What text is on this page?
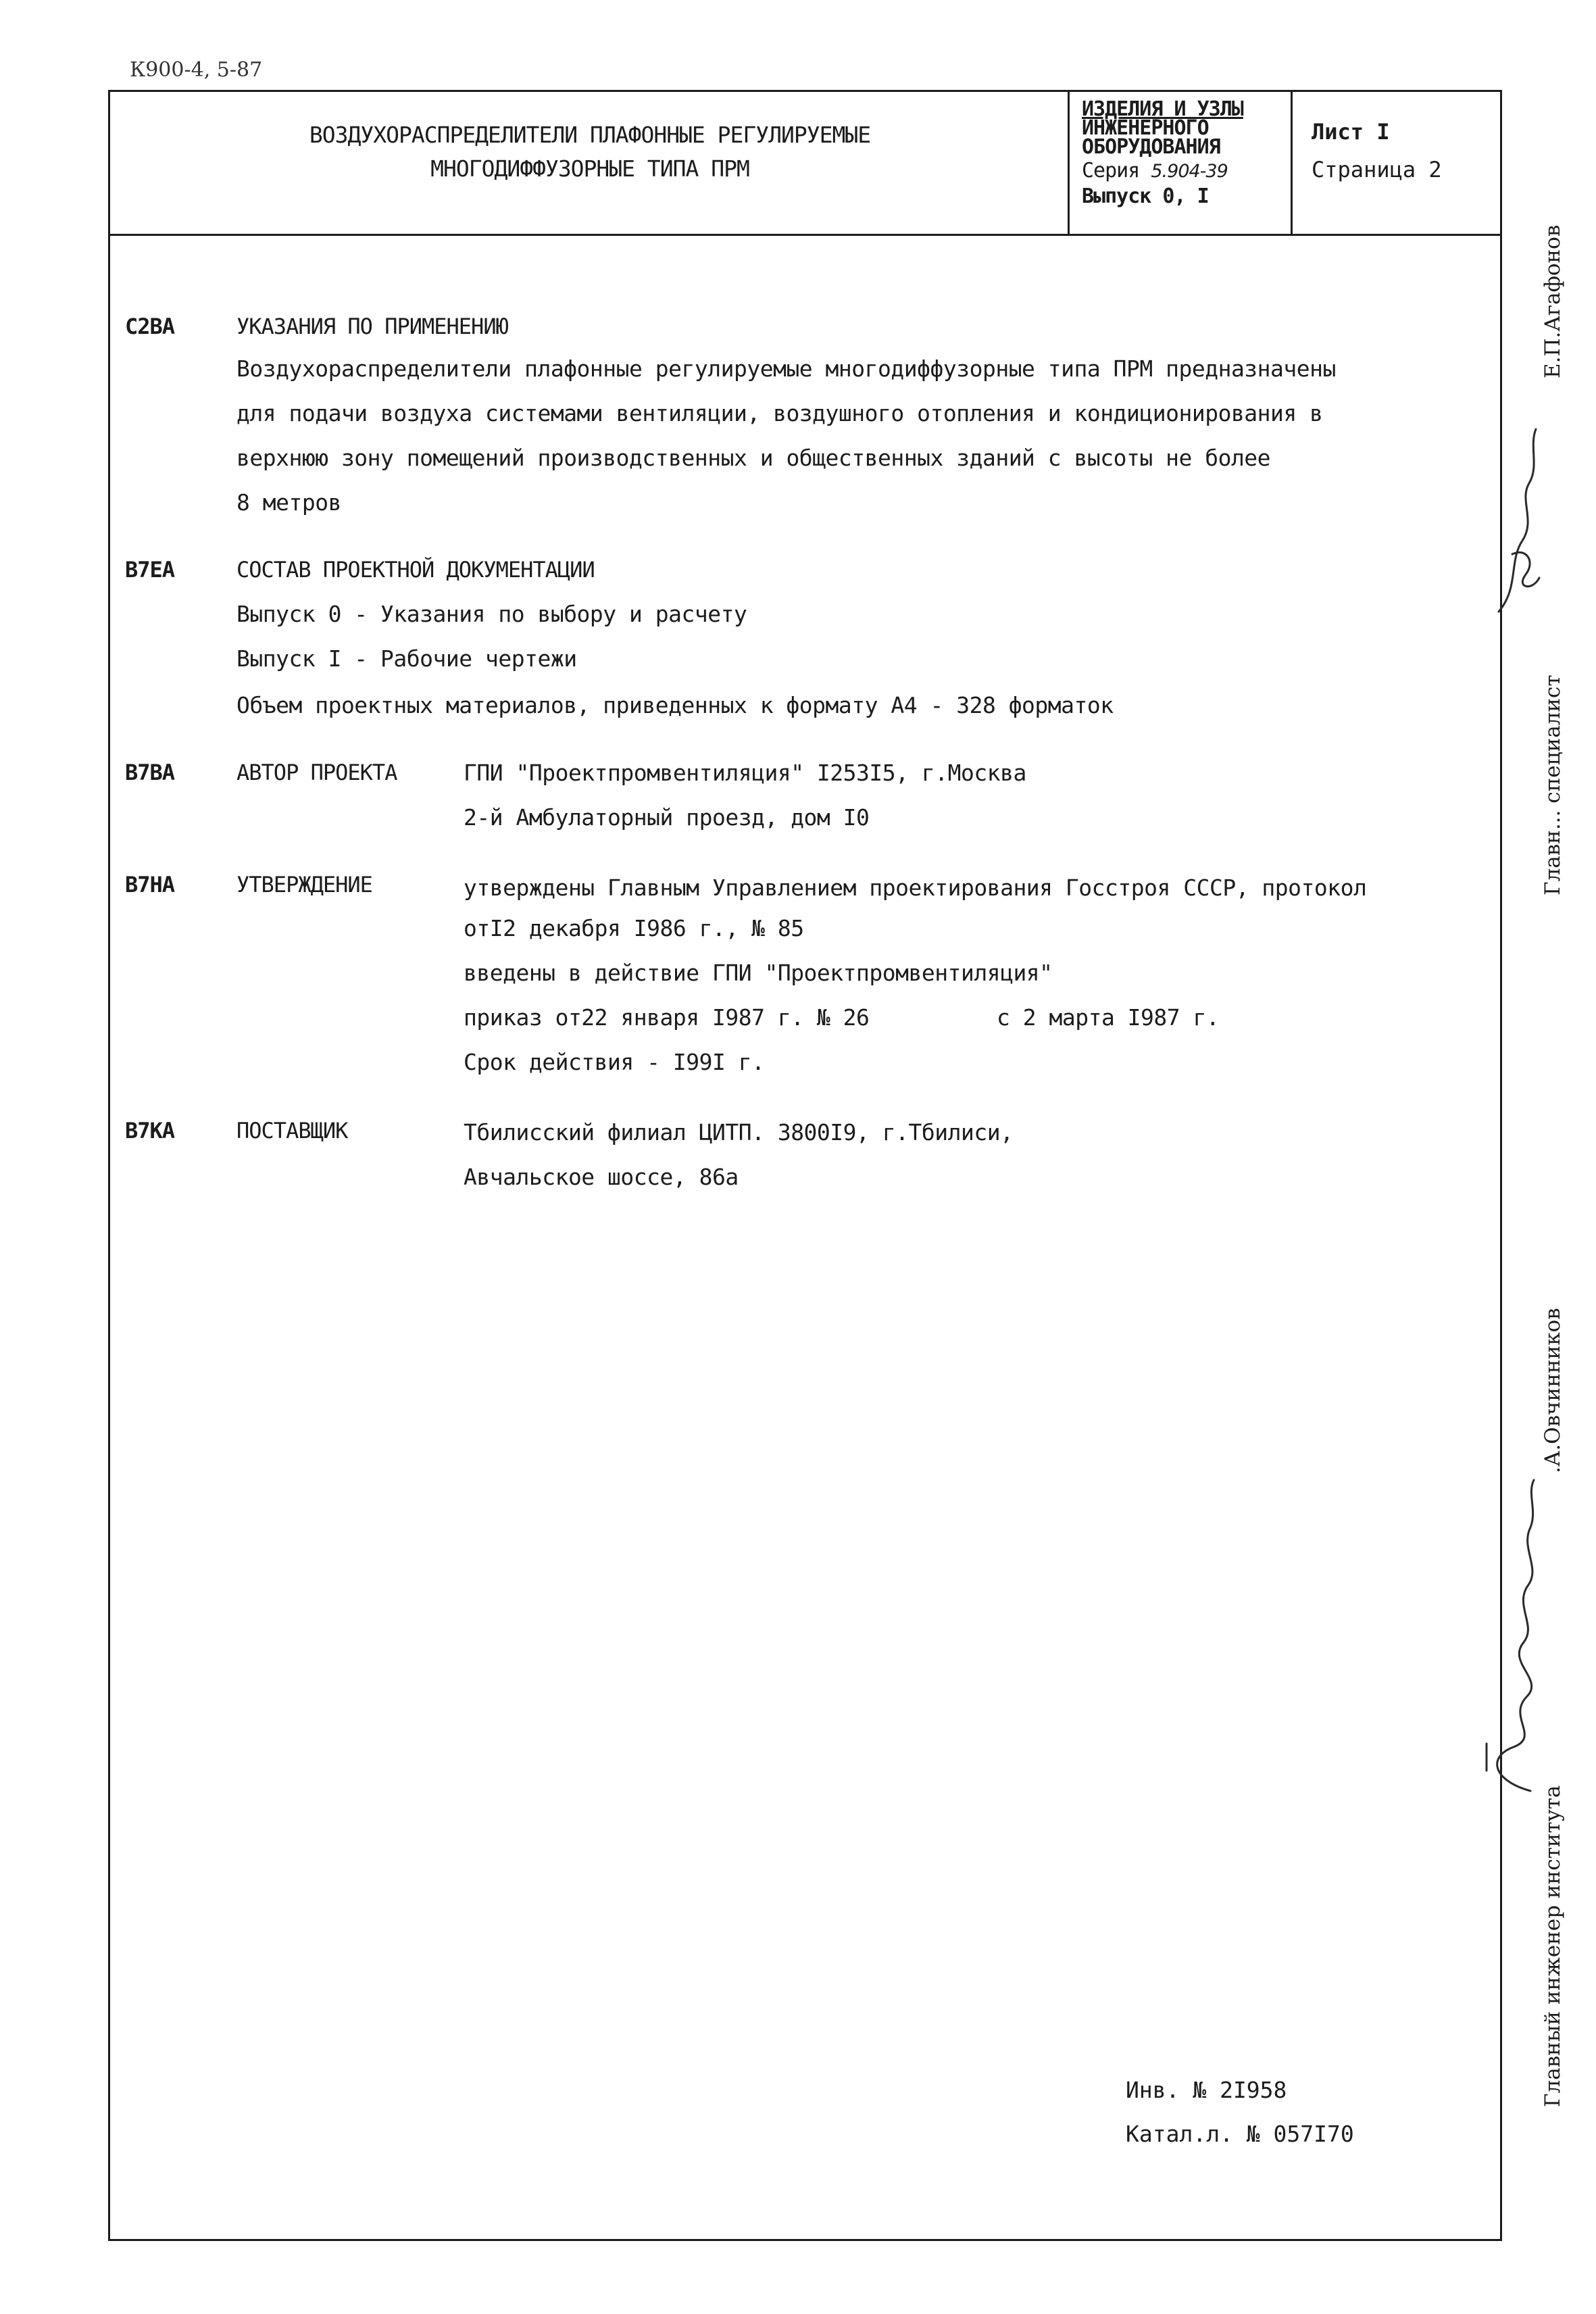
К900-4, 5-87
ВОЗДУХОРАСПРЕДЕЛИТЕЛИ ПЛАФОННЫЕ РЕГУЛИРУЕМЫЕ
МНОГОДИФФУЗОРНЫЕ ТИПА ПРМ
ИЗДЕЛИЯ И УЗЛЫ
ИНЖЕНЕРНОГО
ОБОРУДОВАНИЯ
Серия 5.904-39
Выпуск 0, I
Лист I
Страница 2
C2BA	УКАЗАНИЯ ПО ПРИМЕНЕНИЮ
Воздухораспределители плафонные регулируемые многодиффузорные типа ПРМ предназначены
для подачи воздуха системами вентиляции, воздушного отопления и кондиционирования в
верхнюю зону помещений производственных и общественных зданий с высоты не более
8 метров
B7EA	СОСТАВ ПРОЕКТНОЙ ДОКУМЕНТАЦИИ
Выпуск 0 - Указания по выбору и расчету
Выпуск I - Рабочие чертежи
Объем проектных материалов, приведенных к формату А4 - 328 форматок
B7BA	АВТОР ПРОЕКТА	ГПИ "Проектпромвентиляция" I253I5, г.Москва
2-й Амбулаторный проезд, дом I0
B7HA	УТВЕРЖДЕНИЕ	утверждены Главным Управлением проектирования Госстроя СССР, протокол
отI2 декабря I986 г., № 85
введены в действие ГПИ "Проектпромвентиляция"
приказ от22 января I987 г. № 26	с 2 марта I987 г.
Срок действия - I99I г.
B7KA	ПОСТАВЩИК	Тбилисский филиал ЦИТП. 3800I9, г.Тбилиси,
Авчальское шоссе, 86а
Инв. № 2I958
Катал.л. № 057I70
Е.П.Агафонов
Главн... специалист
.А.Овчинников
Главный инженер института
